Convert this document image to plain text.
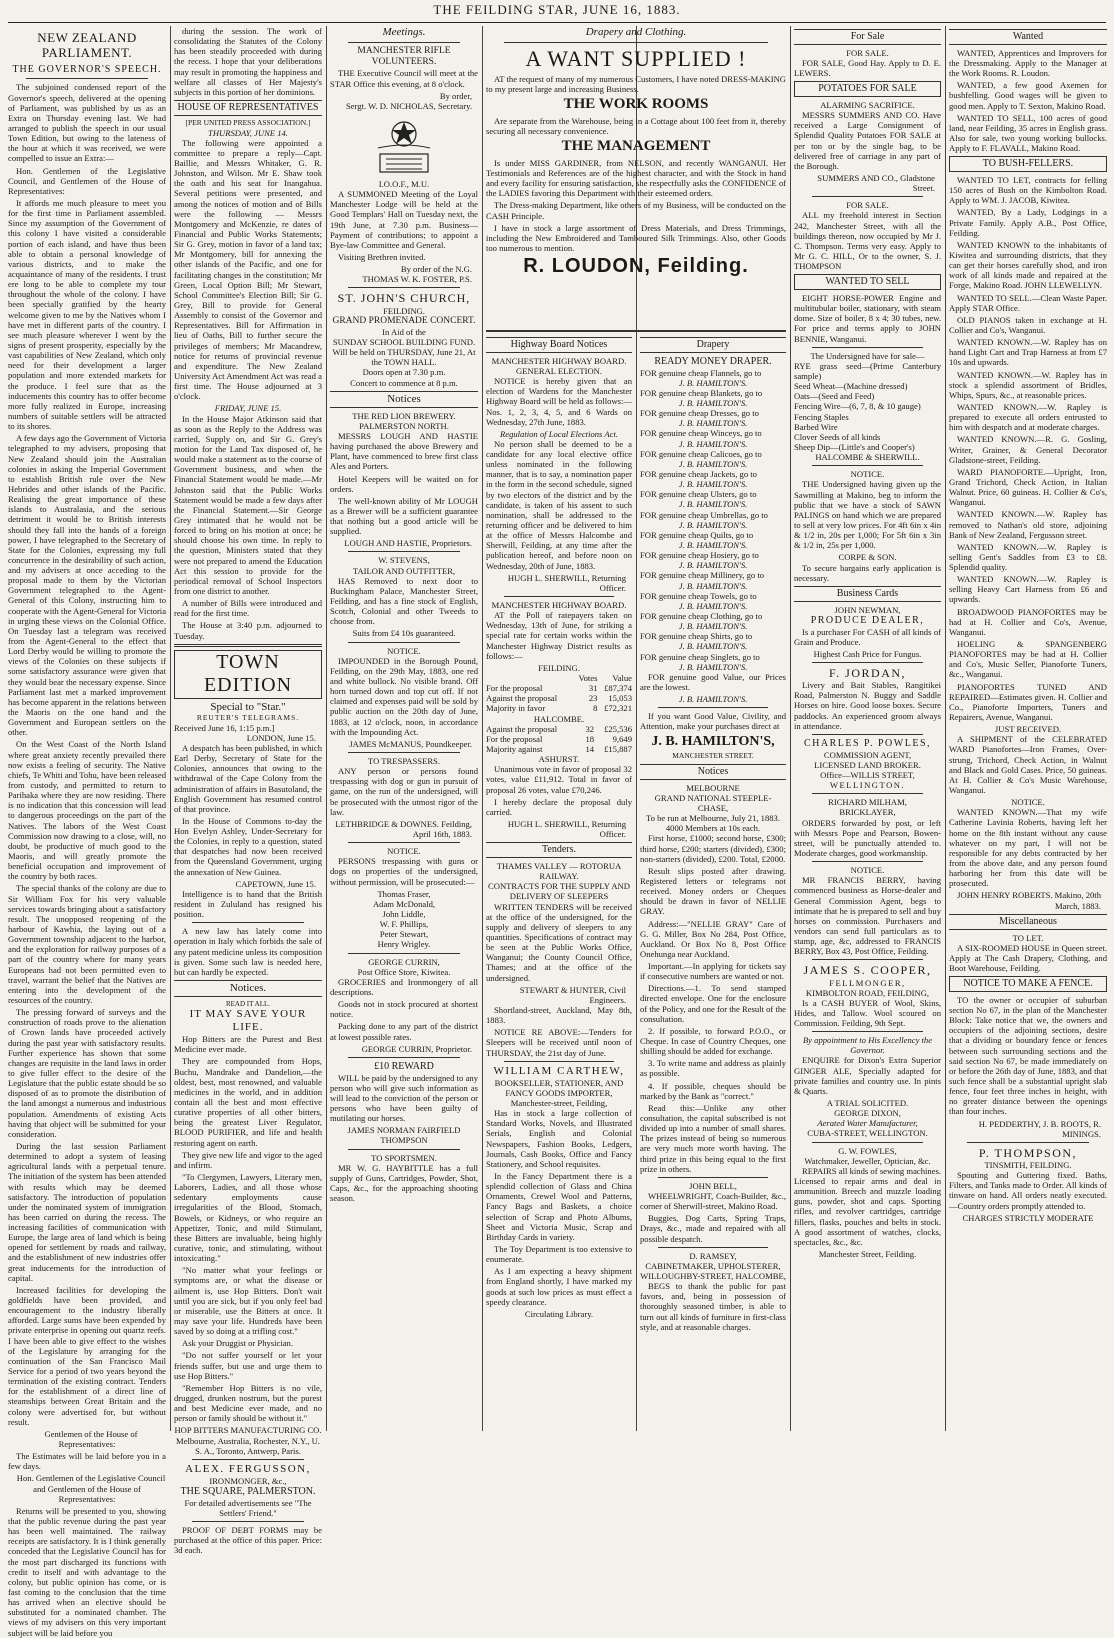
THE FEILDING STAR, JUNE 16, 1883.
NEW ZEALAND PARLIAMENT.
THE GOVERNOR'S SPEECH.

The subjoined condensed report of the Governor's speech, delivered at the opening of Parliament, was published by us as an Extra on Thursday evening last. We had arranged to publish the speech in our usual Town Edition, but owing to the lateness of the hour at which it was received, we were compelled to issue an Extra:—

Hon. Gentlemen of the Legislative Council, and Gentlemen of the House of Representatives:

It affords me much pleasure to meet you for the first time in Parliament assembled. Since my assumption of the Government of this colony I have visited a considerable portion of each island, and have thus been able to obtain a personal knowledge of various districts, and to make the acquaintance of many of the residents. I trust ere long to be able to complete my tour throughout the whole of the colony. I have been specially gratified by the hearty welcome given to me by the Natives whom I have met in different parts of the country. I see much pleasure wherever I went by the signs of present prosperity, especially by the vast capabilities of New Zealand, which only need for their development a larger population and more extended markets for the produce. I feel sure that as the inducements this country has to offer become more fully realized in Europe, increasing numbers of suitable settlers will be attracted to its shores.

A few days ago the Government of Victoria telegraphed to my advisers, proposing that New Zealand should join the Australian colonies in asking the Imperial Government to establish British rule over the New Hebrides and other islands of the Pacific. Realising the great importance of these islands to Australasia, and the serious detriment it would be to British interests should they fall into the hands of a foreign power, I have telegraphed to the Secretary of State for the Colonies, expressing my full concurrence in the desirability of such action, and my advisers at once acceding to the proposal made to them by the Victorian Government telegraphed to the Agent-General of this Colony, instructing him to cooperate with the Agent-General for Victoria in urging these views on the Colonial Office. On Tuesday last a telegram was received from the Agent-General to the effect that Lord Derby would be willing to promote the views of the Colonies on these subjects if some satisfactory assurance were given that they would bear the necessary expense. Since Parliament last met a marked improvement has become apparent in the relations between the Maoris on the one hand and the Government and European settlers on the other.

On the West Coast of the North Island where great anxiety recently prevailed there now exists a feeling of security. The Native chiefs, Te Whiti and Tohu, have been released from custody, and permitted to return to Parihaka where they are now residing. There is no indication that this concession will lead to dangerous proceedings on the part of the Natives. The labors of the West Coast Commission now drawing to a close, will, no doubt, be productive of much good to the Maoris, and will greatly promote the beneficial occupation and improvement of the country by both races.

The special thanks of the colony are due to Sir William Fox for his very valuable services towards bringing about a satisfactory result. The unopposed reopening of the harbour of Kawhia, the laying out of a Government township adjacent to the harbor, and the exploration for railway purposes of a part of the country where for many years Europeans had not been permitted even to travel, warrant the belief that the Natives are entering into the development of the resources of the country.

The pressing forward of surveys and the construction of roads prove to the alienation of Crown lands have proceeded actively during the past year with satisfactory results. Further experience has shown that some changes are requisite in the land laws in order to give fuller effect to the desire of the Legislature that the public estate should be so disposed of as to promote the distribution of the land amongst a numerous and industrious population. Amendments of existing Acts having that object will be submitted for your consideration.

During the last session Parliament determined to adopt a system of leasing agricultural lands with a perpetual tenure. The initiation of the system has been attended with results which may be deemed satisfactory. The introduction of population under the nominated system of immigration has been carried on during the recess. The increasing facilities of communication with Europe, the large area of land which is being opened for settlement by roads and railway, and the establishment of new industries offer great inducements for the introduction of capital.

Increased facilities for developing the goldfields have been provided, and encouragement to the industry liberally afforded. Large sums have been expended by private enterprise in opening out quartz reefs. I have been able to give effect to the wishes of the Legislature by arranging for the continuation of the San Francisco Mail Service for a period of two years beyond the termination of the existing contract. Tenders for the establishment of a direct line of steamships between Great Britain and the colony were advertised for, but without result.

Gentlemen of the House of Representatives:

The Estimates will be laid before you in a few days.

Hon. Gentlemen of the Legislative Council and Gentlemen of the House of Representatives:

Returns will be presented to you, showing that the public revenue during the past year has been well maintained. The railway receipts are satisfactory. It is I think generally conceded that the Legislative Council has for the most part discharged its functions with credit to itself and with advantage to the colony, but public opinion has come, or is fast coming to the conclusion that the time has arrived when an elective should be substituted for a nominated chamber. The views of my advisers on this very important subject will be laid before you

during the session. The work of consolidating the Statutes of the Colony has been steadily proceeded with during the recess. I hope that your deliberations may result in promoting the happiness and welfare all classes of Her Majesty's subjects in this portion of her dominions.

HOUSE OF REPRESENTATIVES
[PER UNITED PRESS ASSOCIATION.]
THURSDAY, JUNE 14.

The following were appointed a committee to prepare a reply—Capt. Baillie, and Messrs Whitaker, G. R. Johnston, and Wilson. Mr E. Shaw took the oath and his seat for Inangahua. Several petitions were presented, and among the notices of motion and of Bills were the following — Messrs Montgomery and McKenzie, re dates of Financial and Public Works Statements; Sir G. Grey, motion in favor of a land tax; Mr Montgomery, bill for annexing the other islands of the Pacific, and one for facilitating changes in the constitution; Mr Green, Local Option Bill; Mr Stewart, School Committee's Election Bill; Sir G. Grey, Bill to provide for General Assembly to consist of the Governor and Representatives. Bill for Affirmation in lieu of Oaths, Bill to further secure the privileges of members; Mr Macandrew, notice for returns of provincial revenue and expenditure. The New Zealand University Act Amendment Act was read a first time. The House adjourned at 3 o'clock.

FRIDAY, JUNE 15.

In the House Major Atkinson said that as soon as the Reply to the Address was carried, Supply on, and Sir G. Grey's motion for the Land Tax disposed of, he would make a statement as to the course of Government business, and when the Financial Statement would be made.—Mr Johnston said that the Public Works Statement would be made a few days after the Financial Statement.—Sir George Grey intimated that he would not be forced to bring on his motion at once; he should choose his own time. In reply to the question, Ministers stated that they were not prepared to amend the Education Act this session to provide for the periodical removal of School Inspectors from one district to another.

A number of Bills were introduced and read for the first time.

The House at 3:40 p.m. adjourned to Tuesday.

TOWN EDITION
Special to "Star."
REUTER'S TELEGRAMS.
Received June 16, 1:15 p.m.]
LONDON, June 15.

A despatch has been published, in which Earl Derby, Secretary of State for the Colonies, announces that owing to the withdrawal of the Cape Colony from the administration of affairs in Basutoland, the English Government has resumed control of that province.

In the House of Commons to-day the Hon Evelyn Ashley, Under-Secretary for the Colonies, in reply to a question, stated that despatches had now been received from the Queensland Government, urging the annexation of New Guinea.

CAPETOWN, June 15.

Intelligence is to hand that the British resident in Zululand has resigned his position.

A new law has lately come into operation in Italy which forbids the sale of any patent medicine unless its composition is given. Some such law is needed here, but can hardly be expected.

Notices.
READ IT ALL.
IT MAY SAVE YOUR LIFE.

Hop Bitters are the Purest and Best Medicine ever made.

They are compounded from Hops, Buchu, Mandrake and Dandelion,—the oldest, best, most renowned, and valuable medicines in the world, and in addition contain all the best and most effective curative properties of all other bitters, being the greatest Liver Regulator, BLOOD PURIFIER, and life and health restoring agent on earth.

They give new life and vigor to the aged and infirm.

"To Clergymen, Lawyers, Literary men, Laborers, Ladies, and all those whose sedentary employments cause irregularities of the Blood, Stomach, Bowels, or Kidneys, or who require an Appetizer, Tonic, and mild Stimulant, these Bitters are invaluable, being highly curative, tonic, and stimulating, without intoxicating."

"No matter what your feelings or symptoms are, or what the disease or ailment is, use Hop Bitters. Don't wait until you are sick, but if you only feel bad or miserable, use the Bitters at once. It may save your life. Hundreds have been saved by so doing at a trifling cost."

Ask your Druggist or Physician.

"Do not suffer yourself or let your friends suffer, but use and urge them to use Hop Bitters."

"Remember Hop Bitters is no vile, drugged, drunken nostrum, but the purest and best Medicine ever made, and no person or family should be without it."

HOP BITTERS MANUFACTURING CO.
Melbourne, Australia, Rochester, N.Y., U. S. A., Toronto, Antwerp, Paris.
ALEX. FERGUSSON,
IRONMONGER, &c.,
THE SQUARE, PALMERSTON.
For detailed advertisements see "The Settlers' Friend."

PROOF OF DEBT FORMS may be purchased at the office of this paper. Price: 3d each.

Meetings.
MANCHESTER RIFLE VOLUNTEERS.

THE Executive Council will meet at the STAR Office this evening, at 8 o'clock.

By order,
Sergt. W. D. NICHOLAS, Secretary.
I.O.O.F., M.U.

A SUMMONED Meeting of the Loyal Manchester Lodge will be held at the Good Templars' Hall on Tuesday next, the 19th June, at 7.30 p.m. Business—Payment of contributions; to appoint a Bye-law Committee and General.

Visiting Brethren invited.

By order of the N.G.
THOMAS W. K. FOSTER, P.S.
ST. JOHN'S CHURCH,
FEILDING.
GRAND PROMENADE CONCERT.
In Aid of the
SUNDAY SCHOOL BUILDING FUND.
Will be held on THURSDAY, June 21, At the TOWN HALL.
Doors open at 7.30 p.m.
Concert to commence at 8 p.m.
Notices
THE RED LION BREWERY.
PALMERSTON NORTH.

MESSRS LOUGH AND HASTIE having purchased the above Brewery and Plant, have commenced to brew first class Ales and Porters.

Hotel Keepers will be waited on for orders.

The well-known ability of Mr LOUGH as a Brewer will be a sufficient guarantee that nothing but a good article will be supplied.

LOUGH AND HASTIE, Proprietors.
W. STEVENS,
TAILOR AND OUTFITTER,

HAS Removed to next door to Buckingham Palace, Manchester Street, Feilding, and has a fine stock of English, Scotch, Colonial and other Tweeds to choose from.

Suits from £4 10s guaranteed.
NOTICE.

IMPOUNDED in the Borough Pound, Feilding, on the 29th May, 1883, one red and white bullock. No visible brand. Off horn turned down and top cut off. If not claimed and expenses paid will be sold by public auction on the 20th day of June, 1883, at 12 o'clock, noon, in accordance with the Impounding Act.

JAMES McMANUS, Poundkeeper.
TO TRESPASSERS.

ANY person or persons found trespassing with dog or gun in pursuit of game, on the run of the undersigned, will be prosecuted with the utmost rigor of the law.

LETHBRIDGE & DOWNES. Feilding, April 16th, 1883.
NOTICE.

PERSONS trespassing with guns or dogs on properties of the undersigned, without permission, will be prosecuted:—

Thomas Fraser,
Adam McDonald,
John Liddle,
W. F. Phillips,
Peter Stewart,
Henry Wrigley.
GEORGE CURRIN,
Post Office Store, Kiwitea.

GROCERIES and Ironmongery of all descriptions.

Goods not in stock procured at shortest notice.

Packing done to any part of the district at lowest possible rates.

GEORGE CURRIN, Proprietor.
£10 REWARD

WILL be paid by the undersigned to any person who will give such information as will lead to the conviction of the person or persons who have been guilty of mutilating our horses.

JAMES NORMAN FAIRFIELD THOMPSON
TO SPORTSMEN.

MR W. G. HAYBITTLE has a full supply of Guns, Cartridges, Powder, Shot, Caps, &c., for the approaching shooting season.

Drapery and Clothing.
A WANT SUPPLIED !

AT the request of many of my numerous Customers, I have noted DRESS-MAKING to my present large and increasing Business.

THE WORK ROOMS

Are separate from the Warehouse, being in a Cottage about 100 feet from it, thereby securing all necessary convenience.

THE MANAGEMENT

Is under MISS GARDINER, from NELSON, and recently WANGANUI. Her Testimonials and References are of the highest character, and with the Stock in hand and every facility for ensuring satisfaction, she respectfully asks the CONFIDENCE of the LADIES favoring this Department with their esteemed orders.

The Dress-making Department, like others of my Business, will be conducted on the CASH Principle.

I have in stock a large assortment of Dress Materials, and Dress Trimmings, including the New Embroidered and Tamboured Silk Trimmings. Also, other Goods too numerous to mention.

R. LOUDON, Feilding.
Highway Board Notices
MANCHESTER HIGHWAY BOARD.
GENERAL ELECTION.

NOTICE is hereby given that an election of Wardens for the Manchester Highway Board will be held as follows:—Nos. 1, 2, 3, 4, 5, and 6 Wards on Wednesday, 27th June, 1883.

Regulation of Local Elections Act.

No person shall be deemed to be a candidate for any local elective office unless nominated in the following manner, that is to say, a nomination paper in the form in the second schedule, signed by two electors of the district and by the candidate, is taken of his assent to such nomination, shall be addressed to the returning officer and be delivered to him at the office of Messrs Halcombe and Sherwill, Feilding, at any time after the publication hereof, and before noon on Wednesday, 20th of June, 1883.

HUGH L. SHERWILL, Returning Officer.
MANCHESTER HIGHWAY BOARD.

AT the Poll of ratepayers taken on Wednesday, 13th of June, for striking a special rate for certain works within the Manchester Highway District results as follows:—

FEILDING.
	Votes	Value
For the proposal	31	£87,374
Against the proposal	23	15,053
Majority in favor	8	£72,321
HALCOMBE.
Against the proposal	32	£25,536
For the proposal	18	9,649
Majority against	14	£15,887
ASHURST.

Unanimous vote in favor of proposal 32 votes, value £11,912. Total in favor of proposal 26 votes, value £70,246.

I hereby declare the proposal duly carried.

HUGH L. SHERWILL, Returning Officer.
Tenders.
THAMES VALLEY — ROTORUA RAILWAY.
CONTRACTS FOR THE SUPPLY AND DELIVERY OF SLEEPERS

WRITTEN TENDERS will be received at the office of the undersigned, for the supply and delivery of sleepers to any quantities. Specifications of contract may be seen at the Public Works Office, Wanganui; the County Council Office, Thames; and at the office of the undersigned.

STEWART & HUNTER, Civil Engineers.

Shortland-street, Auckland, May 8th, 1883.

NOTICE RE ABOVE:—Tenders for Sleepers will be received until noon of THURSDAY, the 21st day of June.

WILLIAM CARTHEW,
BOOKSELLER, STATIONER, AND FANCY GOODS IMPORTER,
Manchester-street, Feilding,

Has in stock a large collection of Standard Works, Novels, and Illustrated Serials, English and Colonial Newspapers, Fashion Books, Ledgers, Journals, Cash Books, Office and Fancy Stationery, and School requisites.

In the Fancy Department there is a splendid collection of Glass and China Ornaments, Crewel Wool and Patterns, Fancy Bags and Baskets, a choice selection of Scrap and Photo Albums, Sheet and Victoria Music, Scrap and Birthday Cards in variety.

The Toy Department is too extensive to enumerate.

As I am expecting a heavy shipment from England shortly, I have marked my goods at such low prices as must effect a speedy clearance.

Circulating Library.
Drapery
READY MONEY DRAPER.
FOR genuine cheap Flannels, go to
J. B. HAMILTON'S.
FOR genuine cheap Blankets, go to
J. B. HAMILTON'S.
FOR genuine cheap Dresses, go to
J. B. HAMILTON'S.
FOR genuine cheap Winceys, go to
J. B. HAMILTON'S.
FOR genuine cheap Calicoes, go to
J. B. HAMILTON'S.
FOR genuine cheap Jackets, go to
J. B. HAMILTON'S.
FOR genuine cheap Ulsters, go to
J. B. HAMILTON'S.
FOR genuine cheap Umbrellas, go to
J. B. HAMILTON'S.
FOR genuine cheap Quilts, go to
J. B. HAMILTON'S.
FOR genuine cheap Hosiery, go to
J. B. HAMILTON'S.
FOR genuine cheap Millinery, go to
J. B. HAMILTON'S.
FOR genuine cheap Towels, go to
J. B. HAMILTON'S.
FOR genuine cheap Clothing, go to
J. B. HAMILTON'S.
FOR genuine cheap Shirts, go to
J. B. HAMILTON'S.
FOR genuine cheap Singlets, go to
J. B. HAMILTON'S.

FOR genuine good Value, our Prices are the lowest.

J. B. HAMILTON'S.

If you want Good Value, Civility, and Attention, make your purchases direct at

J. B. HAMILTON'S,
MANCHESTER STREET.
Notices
MELBOURNE
GRAND NATIONAL STEEPLE-CHASE,
To be run at Melbourne, July 21, 1883.
4000 Members at 10s each.

First horse, £1000; second horse, £300; third horse, £200; starters (divided), £300; non-starters (divided), £200. Total, £2000.

Result slips posted after drawing. Registered letters or telegrams not received. Money orders or Cheques should be drawn in favor of NELLIE GRAY.

Address:—"NELLIE GRAY" Care of G. G. Miller, Box No 284, Post Office, Auckland. Or Box No 8, Post Office Onehunga near Auckland.

Important.—In applying for tickets say if consecutive numbers are wanted or not.

Directions.—1. To send stamped directed envelope. One for the enclosure of the Policy, and one for the Result of the consultation.

2. If possible, to forward P.O.O., or Cheque. In case of Country Cheques, one shilling should be added for exchange.

3. To write name and address as plainly as possible.

4. If possible, cheques should be marked by the Bank as "correct."

Read this:—Unlike any other consultation, the capital subscribed is not divided up into a number of small shares. The prizes instead of being so numerous are very much more worth having. The third prize in this being equal to the first prize in others.

JOHN BELL,

WHEELWRIGHT, Coach-Builder, &c., corner of Sherwill-street, Makino Road.

Buggies, Dog Carts, Spring Traps, Drays, &c., made and repaired with all possible despatch.

D. RAMSEY,
CABINETMAKER, UPHOLSTERER,
WILLOUGHBY-STREET, HALCOMBE,

BEGS to thank the public for past favors, and, being in possession of thoroughly seasoned timber, is able to turn out all kinds of furniture in first-class style, and at reasonable charges.

For Sale
FOR SALE.

FOR SALE, Good Hay. Apply to D. E. LEWERS.

POTATOES FOR SALE
ALARMING SACRIFICE.

MESSRS SUMMERS AND CO. Have received a Large Consignment of Splendid Quality Potatoes FOR SALE at per ton or by the single bag, to be delivered free of carriage in any part of the Borough.

SUMMERS AND CO., Gladstone Street.
FOR SALE.

ALL my freehold interest in Section 242, Manchester Street, with all the buildings thereon, now occupied by Mr J. C. Thompson. Terms very easy. Apply to Mr G. C. HILL, Or to the owner, S. J. THOMPSON

WANTED TO SELL

EIGHT HORSE-POWER Engine and multitubular boiler, stationary, with steam dome. Size of boiler, 8 x 4; 30 tubes, new. For price and terms apply to JOHN BENNIE, Wanganui.

The Undersigned have for sale—
RYE grass seed—(Prime Canterbury sample)
Seed Wheat—(Machine dressed)
Oats—(Seed and Feed)
Fencing Wire—(6, 7, 8, & 10 gauge)
Fencing Staples
Barbed Wire
Clover Seeds of all kinds
Sheep Dip—(Little's and Cooper's)
HALCOMBE & SHERWILL.
NOTICE.

THE Undersigned having given up the Sawmilling at Makino, beg to inform the public that we have a stock of SAWN PALINGS on hand which we are prepared to sell at very low prices. For 4ft 6in x 4in & 1/2 in, 20s per 1,000; For 5ft 6in x 3in & 1/2 in, 25s per 1,000.

CORPE & SON.

To secure bargains early application is necessary.

Business Cards
JOHN NEWMAN,
PRODUCE DEALER,

Is a purchaser For CASH of all kinds of Grain and Produce.

Highest Cash Price for Fungus.
F. JORDAN,

Livery and Bait Stables, Rangitikei Road, Palmerston N. Buggy and Saddle Horses on hire. Good loose boxes. Secure paddocks. An experienced groom always in attendance.

CHARLES P. POWLES,
COMMISSION AGENT,
LICENSED LAND BROKER.
Office—WILLIS STREET,
WELLINGTON.
RICHARD MILHAM,
BRICKLAYER,

ORDERS forwarded by post, or left with Messrs Pope and Pearson, Bowen-street, will be punctually attended to. Moderate charges, good workmanship.

NOTICE.

MR FRANCIS BERRY, having commenced business as Horse-dealer and General Commission Agent, begs to intimate that he is prepared to sell and buy horses on commission. Purchasers and vendors can send full particulars as to stamp, age, &c, addressed to FRANCIS BERRY, Box 43, Post Office, Feilding.

JAMES S. COOPER,
FELLMONGER,
KIMBOLTON ROAD, FEILDING,

Is a CASH BUYER of Wool, Skins, Hides, and Tallow. Wool scoured on Commission. Feilding, 9th Sept.

By appointment to His Excellency the Governor.

ENQUIRE for Dixon's Extra Superior GINGER ALE, Specially adapted for private families and country use. In pints & Quarts.

A TRIAL SOLICITED.
GEORGE DIXON,
Aerated Water Manufacturer,
CUBA-STREET, WELLINGTON.
G. W. FOWLES,
Watchmaker, Jeweller, Optician, &c.

REPAIRS all kinds of sewing machines. Licensed to repair arms and deal in ammunition. Breech and muzzle loading guns, powder, shot and caps. Sporting rifles, and revolver cartridges, cartridge fillers, flasks, pouches and belts in stock. A good assortment of watches, clocks, spectacles, &c., &c.

Manchester Street, Feilding.
Wanted

WANTED, Apprentices and Improvers for the Dressmaking. Apply to the Manager at the Work Rooms. R. Loudon.

WANTED, a few good Axemen for bushfelling. Good wages will be given to good men. Apply to T. Sexton, Makino Road.

WANTED TO SELL, 100 acres of good land, near Feilding, 35 acres in English grass. Also for sale, two young working bullocks. Apply to F. FLAVALL, Makino Road.

TO BUSH-FELLERS.

WANTED TO LET, contracts for felling 150 acres of Bush on the Kimbolton Road. Apply to WM. J. JACOB, Kiwitea.

WANTED, By a Lady, Lodgings in a Private Family. Apply A.B., Post Office, Feilding.

WANTED KNOWN to the inhabitants of Kiwitea and surrounding districts, that they can get their horses carefully shod, and iron work of all kinds made and repaired at the Forge, Makino Road. JOHN LLEWELLYN.

WANTED TO SELL.—Clean Waste Paper. Apply STAR Office.

OLD PIANOS taken in exchange at H. Collier and Co's, Wanganui.

WANTED KNOWN.—W. Rapley has on hand Light Cart and Trap Harness at from £7 10s and upwards.

WANTED KNOWN.—W. Rapley has in stock a splendid assortment of Bridles, Whips, Spurs, &c., at reasonable prices.

WANTED KNOWN.—W. Rapley is prepared to execute all orders entrusted to him with despatch and at moderate charges.

WANTED KNOWN.—R. G. Gosling, Writer, Grainer, & General Decorator Gladstone-street, Feilding.

WARD PIANOFORTE.—Upright, Iron, Grand Trichord, Check Action, in Italian Walnut. Price, 60 guineas. H. Collier & Co's, Wanganui.

WANTED KNOWN.—W. Rapley has removed to Nathan's old store, adjoining Bank of New Zealand, Fergusson street.

WANTED KNOWN.—W. Rapley is selling Gent's Saddles from £3 to £8. Splendid quality.

WANTED KNOWN.—W. Rapley is selling Heavy Cart Harness from £6 and upwards.

BROADWOOD PIANOFORTES may be had at H. Collier and Co's, Avenue, Wanganui.

HOELING & SPANGENBERG PIANOFORTES may be had at H. Collier and Co's, Music Seller, Pianoforte Tuners, &c., Wanganui.

PIANOFORTES TUNED AND REPAIRED—Estimates given. H. Collier and Co., Pianoforte Importers, Tuners and Repairers, Avenue, Wanganui.

JUST RECEIVED.

A SHIPMENT of the CELEBRATED WARD Pianofortes—Iron Frames, Over-strung, Trichord, Check Action, in Walnut and Black and Gold Cases. Price, 50 guineas. At H. Collier & Co's Music Warehouse, Wanganui.

NOTICE.

WANTED KNOWN.—That my wife Catherine Lavinia Roberts, having left her home on the 8th instant without any cause whatever on my part, I will not be responsible for any debts contracted by her from the above date, and any person found harboring her from this date will be prosecuted.

JOHN HENRY ROBERTS. Makino, 20th March, 1883.
Miscellaneous
TO LET.

A SIX-ROOMED HOUSE in Queen street. Apply at The Cash Drapery, Clothing, and Boot Warehouse, Feilding.

NOTICE TO MAKE A FENCE.

TO the owner or occupier of suburban section No 67, in the plan of the Manchester Block: Take notice that we, the owners and occupiers of the adjoining sections, desire that a dividing or boundary fence or fences between such surrounding sections and the said section No 67, be made immediately on or before the 26th day of June, 1883, and that such fence shall be a substantial upright slab fence, four feet three inches in height, with no greater distance between the openings than four inches.

H. PEDDERTHY, J. B. ROOTS, R. MININGS.
P. THOMPSON,
TINSMITH, FEILDING.

Spouting and Guttering fixed. Baths, Filters, and Tanks made to Order. All kinds of tinware on hand. All orders neatly executed.—Country orders promptly attended to.

CHARGES STRICTLY MODERATE
